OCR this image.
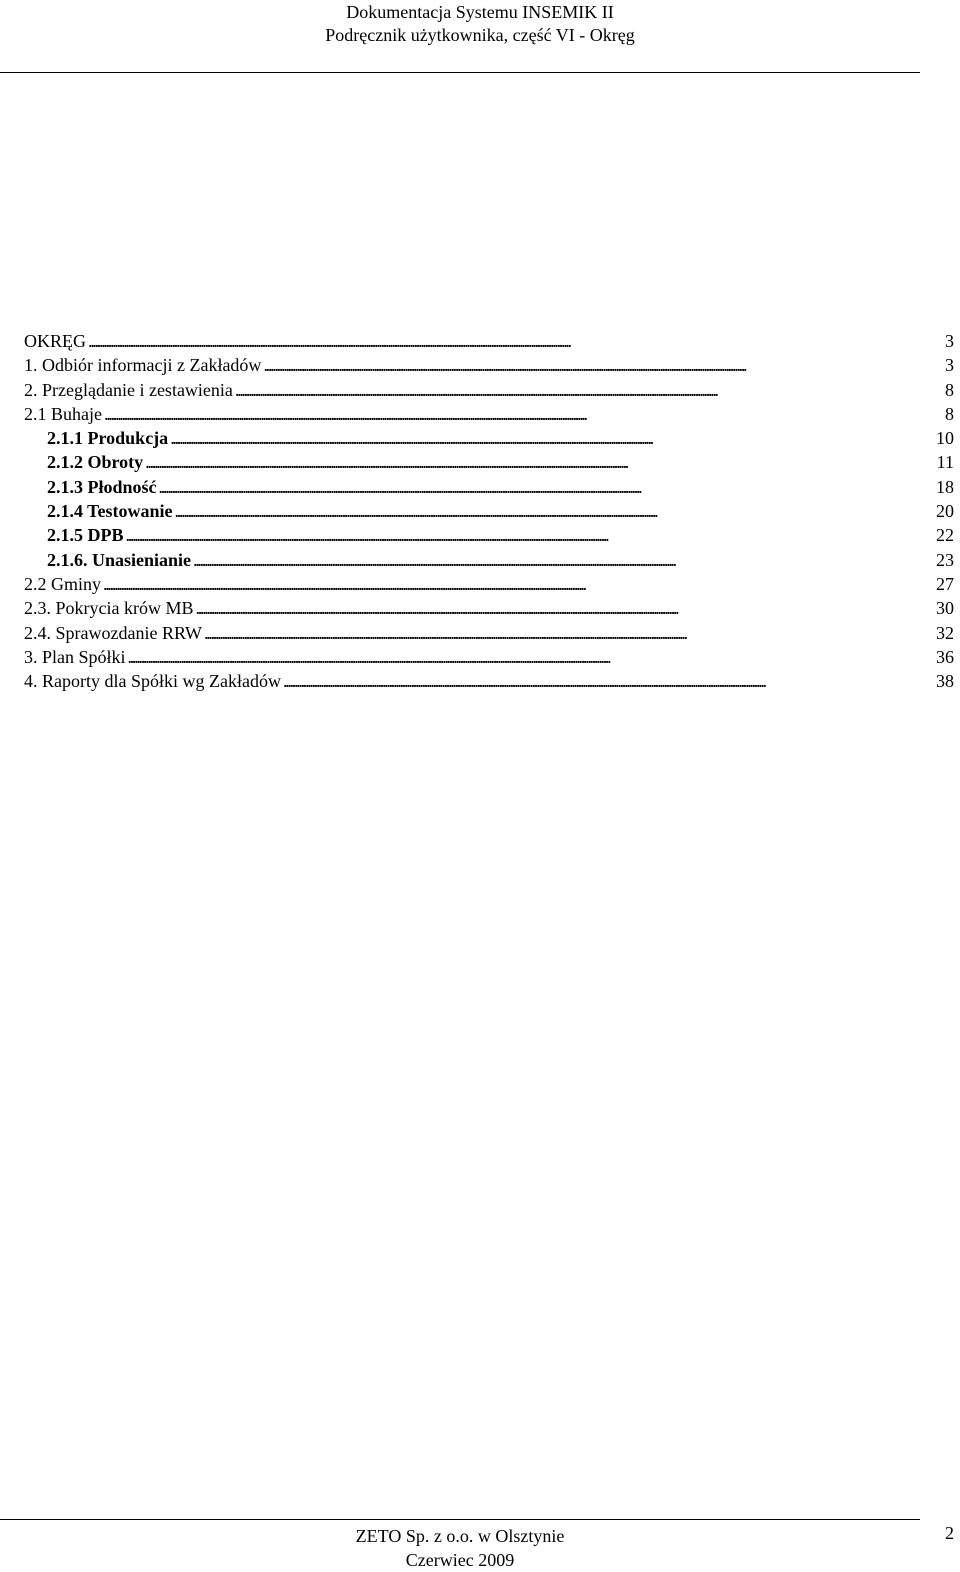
Dokumentacja Systemu INSEMIK II
Podręcznik użytkownika, część VI - Okręg
OKRĘG . . .	3
1. Odbiór informacji z Zakładów . . .	3
2. Przeglądanie i zestawienia . . .	8
2.1 Buhaje . . .	8
2.1.1 Produkcja . . .	10
2.1.2 Obroty . . .	11
2.1.3 Płodność . . .	18
2.1.4 Testowanie . . .	20
2.1.5 DPB . . .	22
2.1.6. Unasienianie . . .	23
2.2 Gminy . . .	27
2.3. Pokrycia krów MB . . .	30
2.4. Sprawozdanie RRW . . .	32
3. Plan Spółki . . .	36
4. Raporty dla Spółki wg Zakładów . . .	38
ZETO Sp. z o.o. w Olsztynie
Czerwiec 2009
2
